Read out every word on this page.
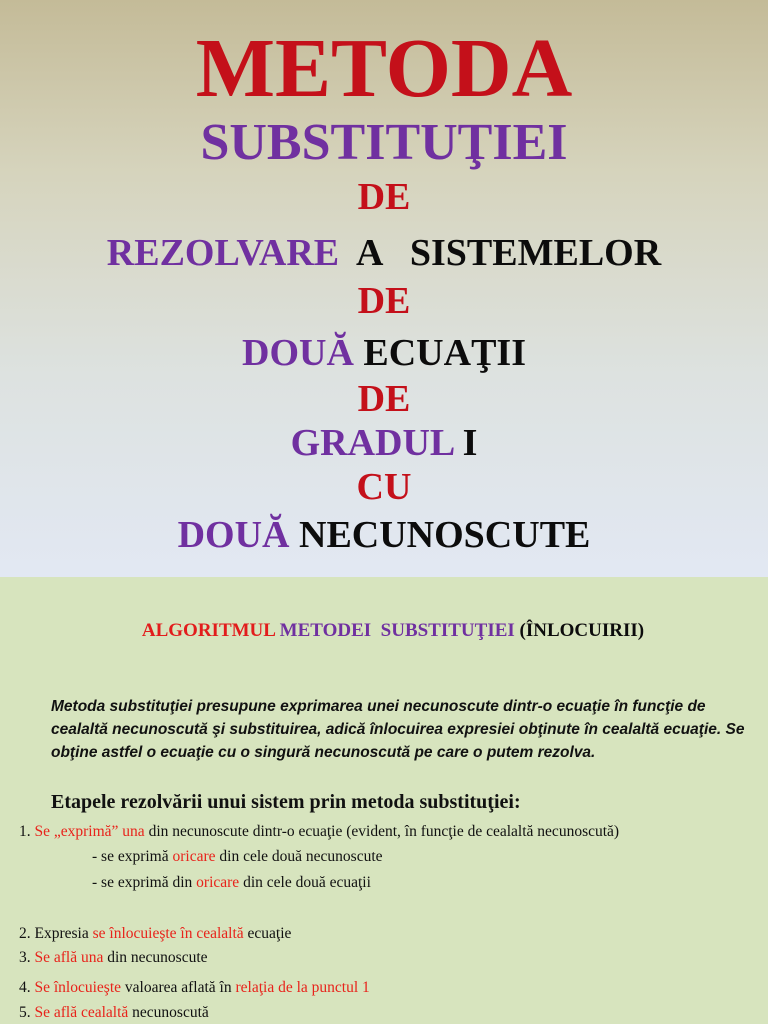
METODA
SUBSTITUŢIEI
DE
REZOLVARE  A   SISTEMELOR
DE
DOUĂ ECUAŢII
DE
GRADUL I
CU
DOUĂ NECUNOSCUTE
ALGORITMUL METODEI  SUBSTITUŢIEI (ÎNLOCUIRII)
Metoda substituţiei presupune exprimarea unei necunoscute dintr-o ecuaţie în funcţie de cealaltă necunoscută şi substituirea, adică înlocuirea expresiei obţinute în cealaltă ecuaţie. Se obţine astfel o ecuaţie cu o singură necunoscută pe care o putem rezolva.
Etapele rezolvării unui sistem prin metoda substituţiei:
1. Se „exprimă” una din necunoscute dintr-o ecuaţie (evident, în funcţie de cealaltă necunoscută)
- se exprimă oricare din cele două necunoscute
- se exprimă din oricare din cele două ecuaţii
2. Expresia se înlocuieşte în cealaltă ecuaţie
3. Se află una din necunoscute
4. Se înlocuieşte valoarea aflată în relaţia de la punctul 1
5. Se află cealaltă necunoscută
